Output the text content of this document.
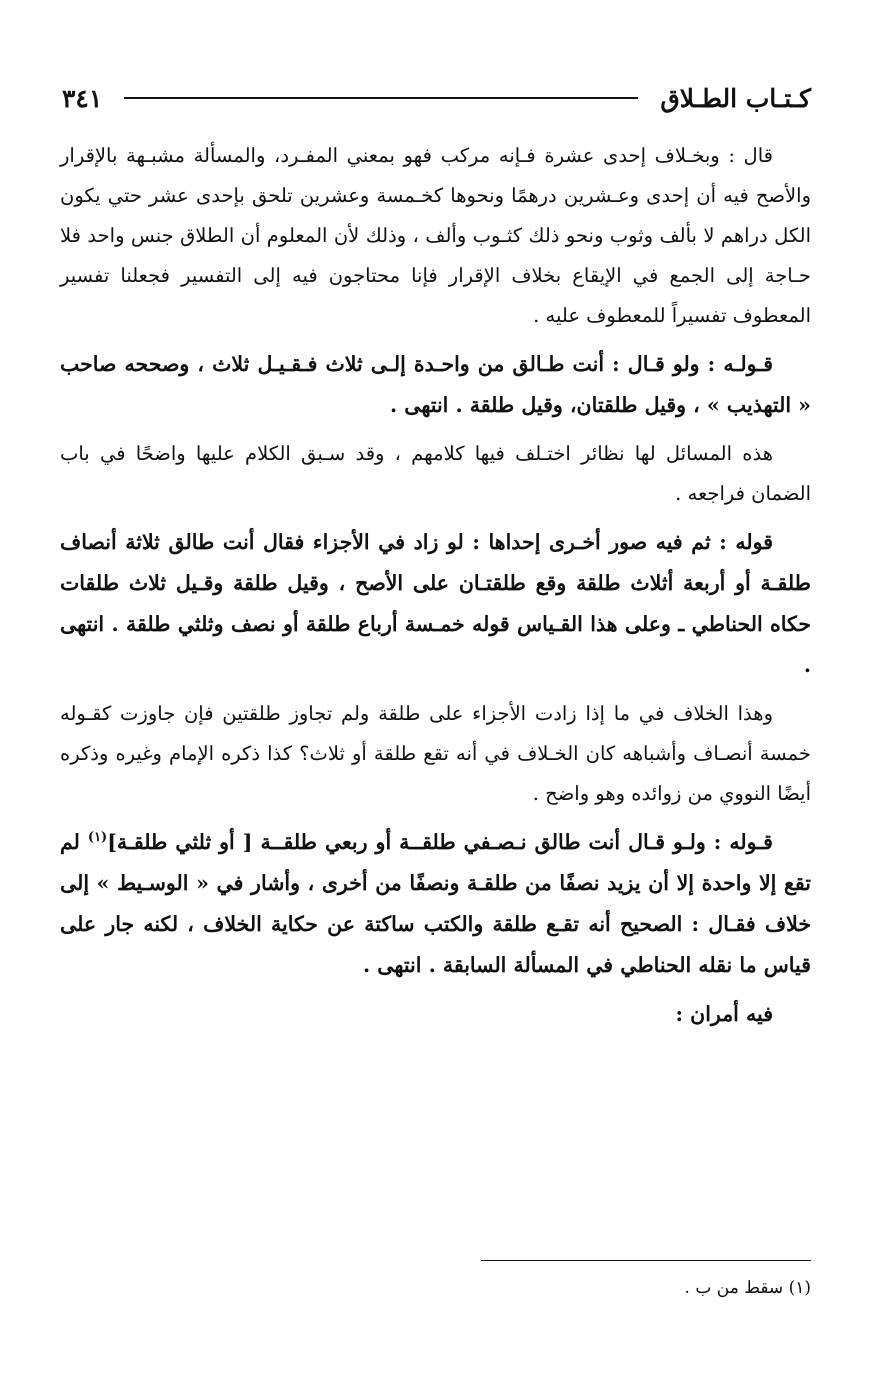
كـتـاب الطـلاق
٣٤١

قال : وبخـلاف إحدى عشرة فـإنه مركب فهو بمعني المفـرد، والمسألة مشبـهة بالإقرار والأصح فيه أن إحدى وعـشرين درهمًا ونحوها كخـمسة وعشرين تلحق بإحدى عشر حتي يكون الكل دراهم لا بألف وثوب ونحو ذلك كثـوب وألف ، وذلك لأن المعلوم أن الطلاق جنس واحد فلا حـاجة إلى الجمع في الإيقاع بخلاف الإقرار فإنا محتاجون فيه إلى التفسير فجعلنا تفسير المعطوف تفسيراً للمعطوف عليه .

قـولـه : ولو قـال : أنت طـالق من واحـدة إلـى ثلاث فـقـيـل ثلاث ، وصححه صاحب « التهذيب » ، وقيل طلقتان، وقيل طلقة . انتهى .

هذه المسائل لها نظائر اختـلف فيها كلامهم ، وقد سـبق الكلام عليها واضحًا في باب الضمان فراجعه .

قوله : ثم فيه صور أخـرى إحداها : لو زاد في الأجزاء فقال أنت طالق ثلاثة أنصاف طلقـة أو أربعة أثلاث طلقة وقع طلقتـان على الأصح ، وقيل طلقة وقـيل ثلاث طلقات حكاه الحناطي ـ وعلى هذا القـياس قوله خمـسة أرباع طلقة أو نصف وثلثي طلقة . انتهى .

وهذا الخلاف في ما إذا زادت الأجزاء على طلقة ولم تجاوز طلقتين فإن جاوزت كقـوله خمسة أنصـاف وأشباهه كان الخـلاف في أنه تقع طلقة أو ثلاث؟ كذا ذكره الإمام وغيره وذكره أيضًا النووي من زوائده وهو واضح .

قـوله : ولـو قـال أنت طالق نـصـفي طلقــة أو ربعي طلقــة [ أو ثلثي طلقـة]$^{(١)}$ لم تقع إلا واحدة إلا أن يزيد نصفًا من طلقـة ونصفًا من أخرى ، وأشار في « الوسـيط » إلى خلاف فقـال : الصحيح أنه تقـع طلقة والكتب ساكتة عن حكاية الخلاف ، لكنه جار على قياس ما نقله الحناطي في المسألة السابقة . انتهى .

فيه أمران :

(١) سقط من ب .
